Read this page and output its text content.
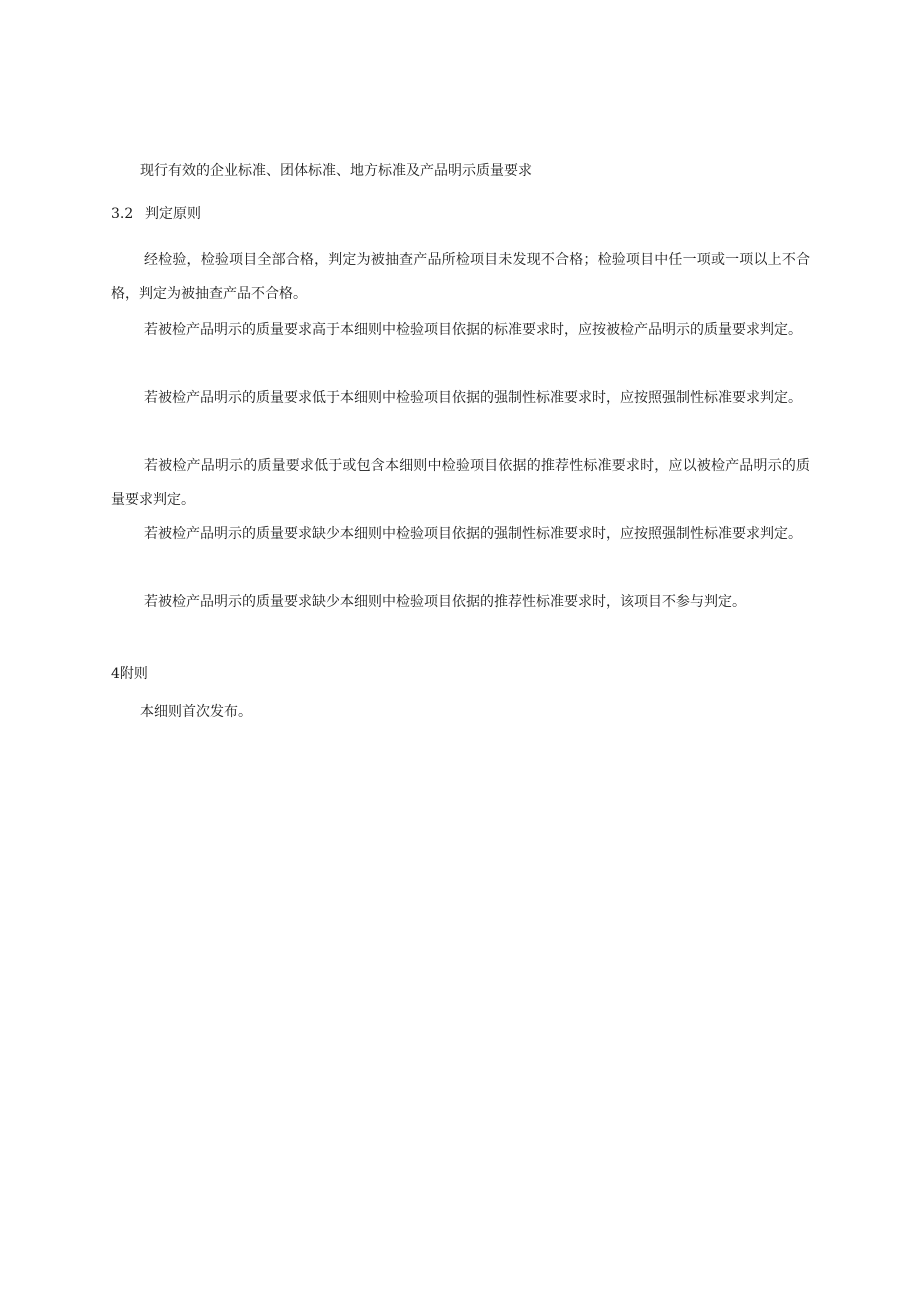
现行有效的企业标准、团体标准、地方标准及产品明示质量要求
3.2 判定原则

经检验，检验项目全部合格，判定为被抽查产品所检项目未发现不合格；检验项目中任一项或一项以上不合格，判定为被抽查产品不合格。

若被检产品明示的质量要求高于本细则中检验项目依据的标准要求时，应按被检产品明示的质量要求判定。

若被检产品明示的质量要求低于本细则中检验项目依据的强制性标准要求时，应按照强制性标准要求判定。

若被检产品明示的质量要求低于或包含本细则中检验项目依据的推荐性标准要求时，应以被检产品明示的质量要求判定。

若被检产品明示的质量要求缺少本细则中检验项目依据的强制性标准要求时，应按照强制性标准要求判定。

若被检产品明示的质量要求缺少本细则中检验项目依据的推荐性标准要求时，该项目不参与判定。

4附则
本细则首次发布。
